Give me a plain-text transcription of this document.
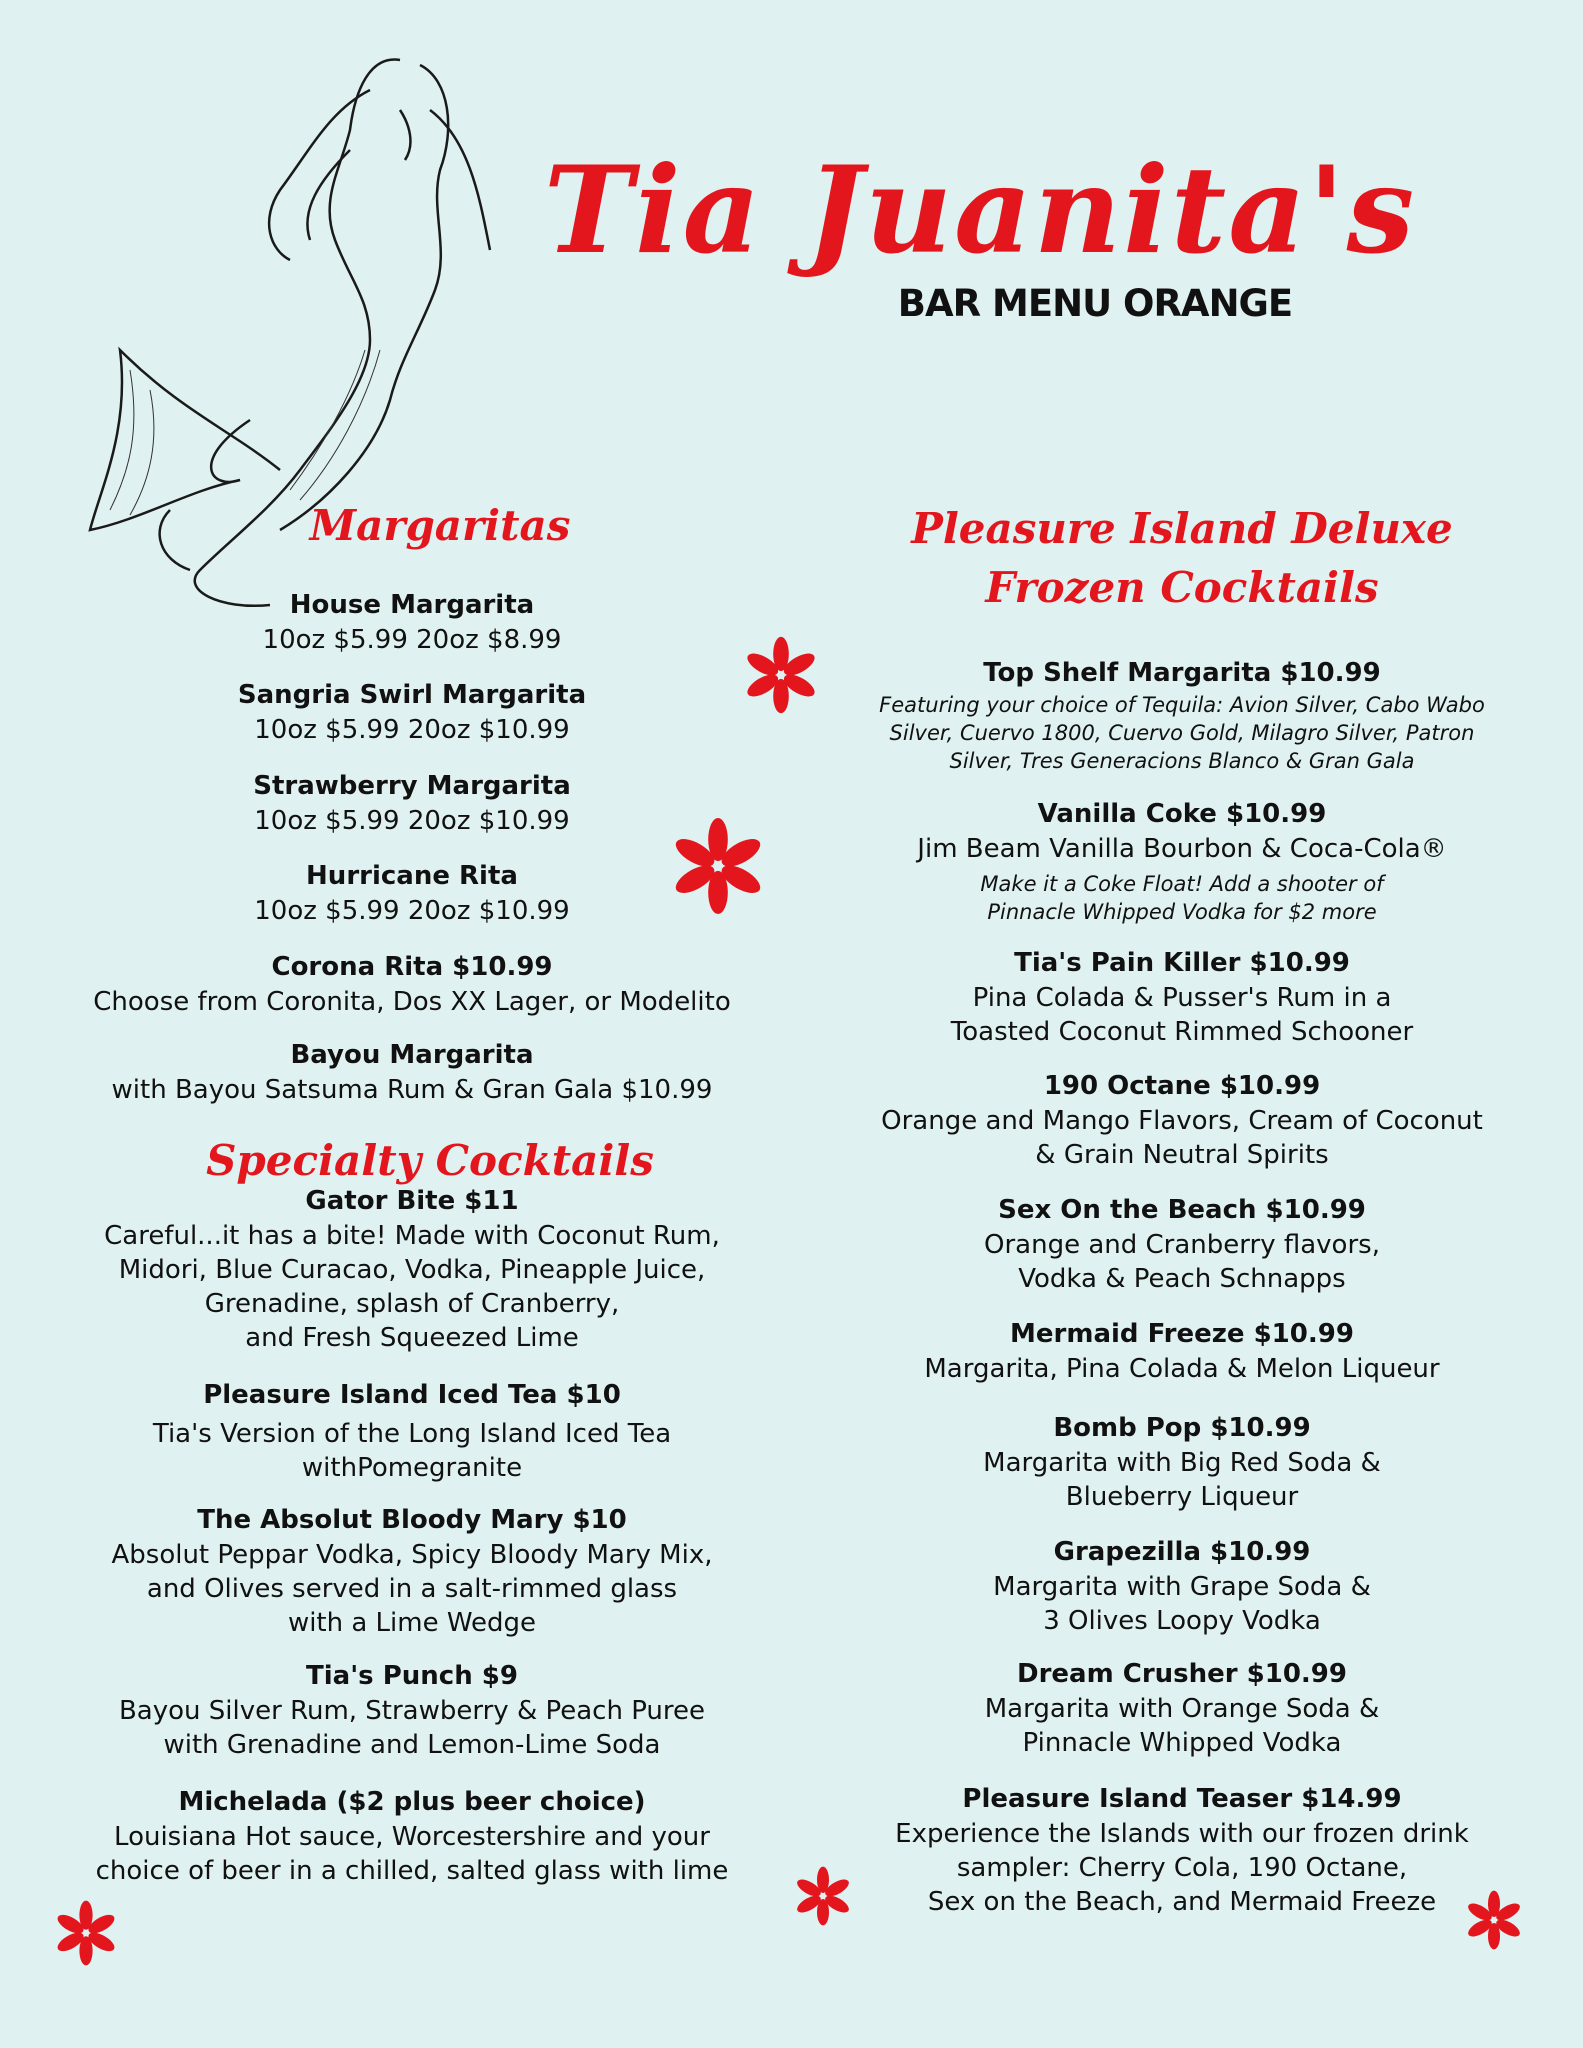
Tia Juanita's
BAR MENU ORANGE
Margaritas
House Margarita
10oz $5.99 20oz $8.99
Sangria Swirl Margarita
10oz $5.99 20oz $10.99
Strawberry Margarita
10oz $5.99 20oz $10.99
Hurricane Rita
10oz $5.99 20oz $10.99
Corona Rita $10.99
Choose from Coronita, Dos XX Lager, or Modelito
Bayou Margarita
with Bayou Satsuma Rum & Gran Gala $10.99
Specialty Cocktails
Gator Bite $11
Careful...it has a bite! Made with Coconut Rum,
Midori, Blue Curacao, Vodka, Pineapple Juice,
Grenadine, splash of Cranberry,
and Fresh Squeezed Lime
Pleasure Island Iced Tea $10
Tia's Version of the Long Island Iced Tea
withPomegranite
The Absolut Bloody Mary $10
Absolut Peppar Vodka, Spicy Bloody Mary Mix,
and Olives served in a salt-rimmed glass
with a Lime Wedge
Tia's Punch $9
Bayou Silver Rum, Strawberry & Peach Puree
with Grenadine and Lemon-Lime Soda
Michelada ($2 plus beer choice)
Louisiana Hot sauce, Worcestershire and your
choice of beer in a chilled, salted glass with lime
Pleasure Island Deluxe
Frozen Cocktails
Top Shelf Margarita $10.99
Featuring your choice of Tequila: Avion Silver, Cabo Wabo
Silver, Cuervo 1800, Cuervo Gold, Milagro Silver, Patron
Silver, Tres Generacions Blanco & Gran Gala
Vanilla Coke $10.99
Jim Beam Vanilla Bourbon & Coca-Cola®
Make it a Coke Float! Add a shooter of
Pinnacle Whipped Vodka for $2 more
Tia's Pain Killer $10.99
Pina Colada & Pusser's Rum in a
Toasted Coconut Rimmed Schooner
190 Octane $10.99
Orange and Mango Flavors, Cream of Coconut
& Grain Neutral Spirits
Sex On the Beach $10.99
Orange and Cranberry flavors,
Vodka & Peach Schnapps
Mermaid Freeze $10.99
Margarita, Pina Colada & Melon Liqueur
Bomb Pop $10.99
Margarita with Big Red Soda &
Blueberry Liqueur
Grapezilla $10.99
Margarita with Grape Soda &
3 Olives Loopy Vodka
Dream Crusher $10.99
Margarita with Orange Soda &
Pinnacle Whipped Vodka
Pleasure Island Teaser $14.99
Experience the Islands with our frozen drink
sampler: Cherry Cola, 190 Octane,
Sex on the Beach, and Mermaid Freeze
